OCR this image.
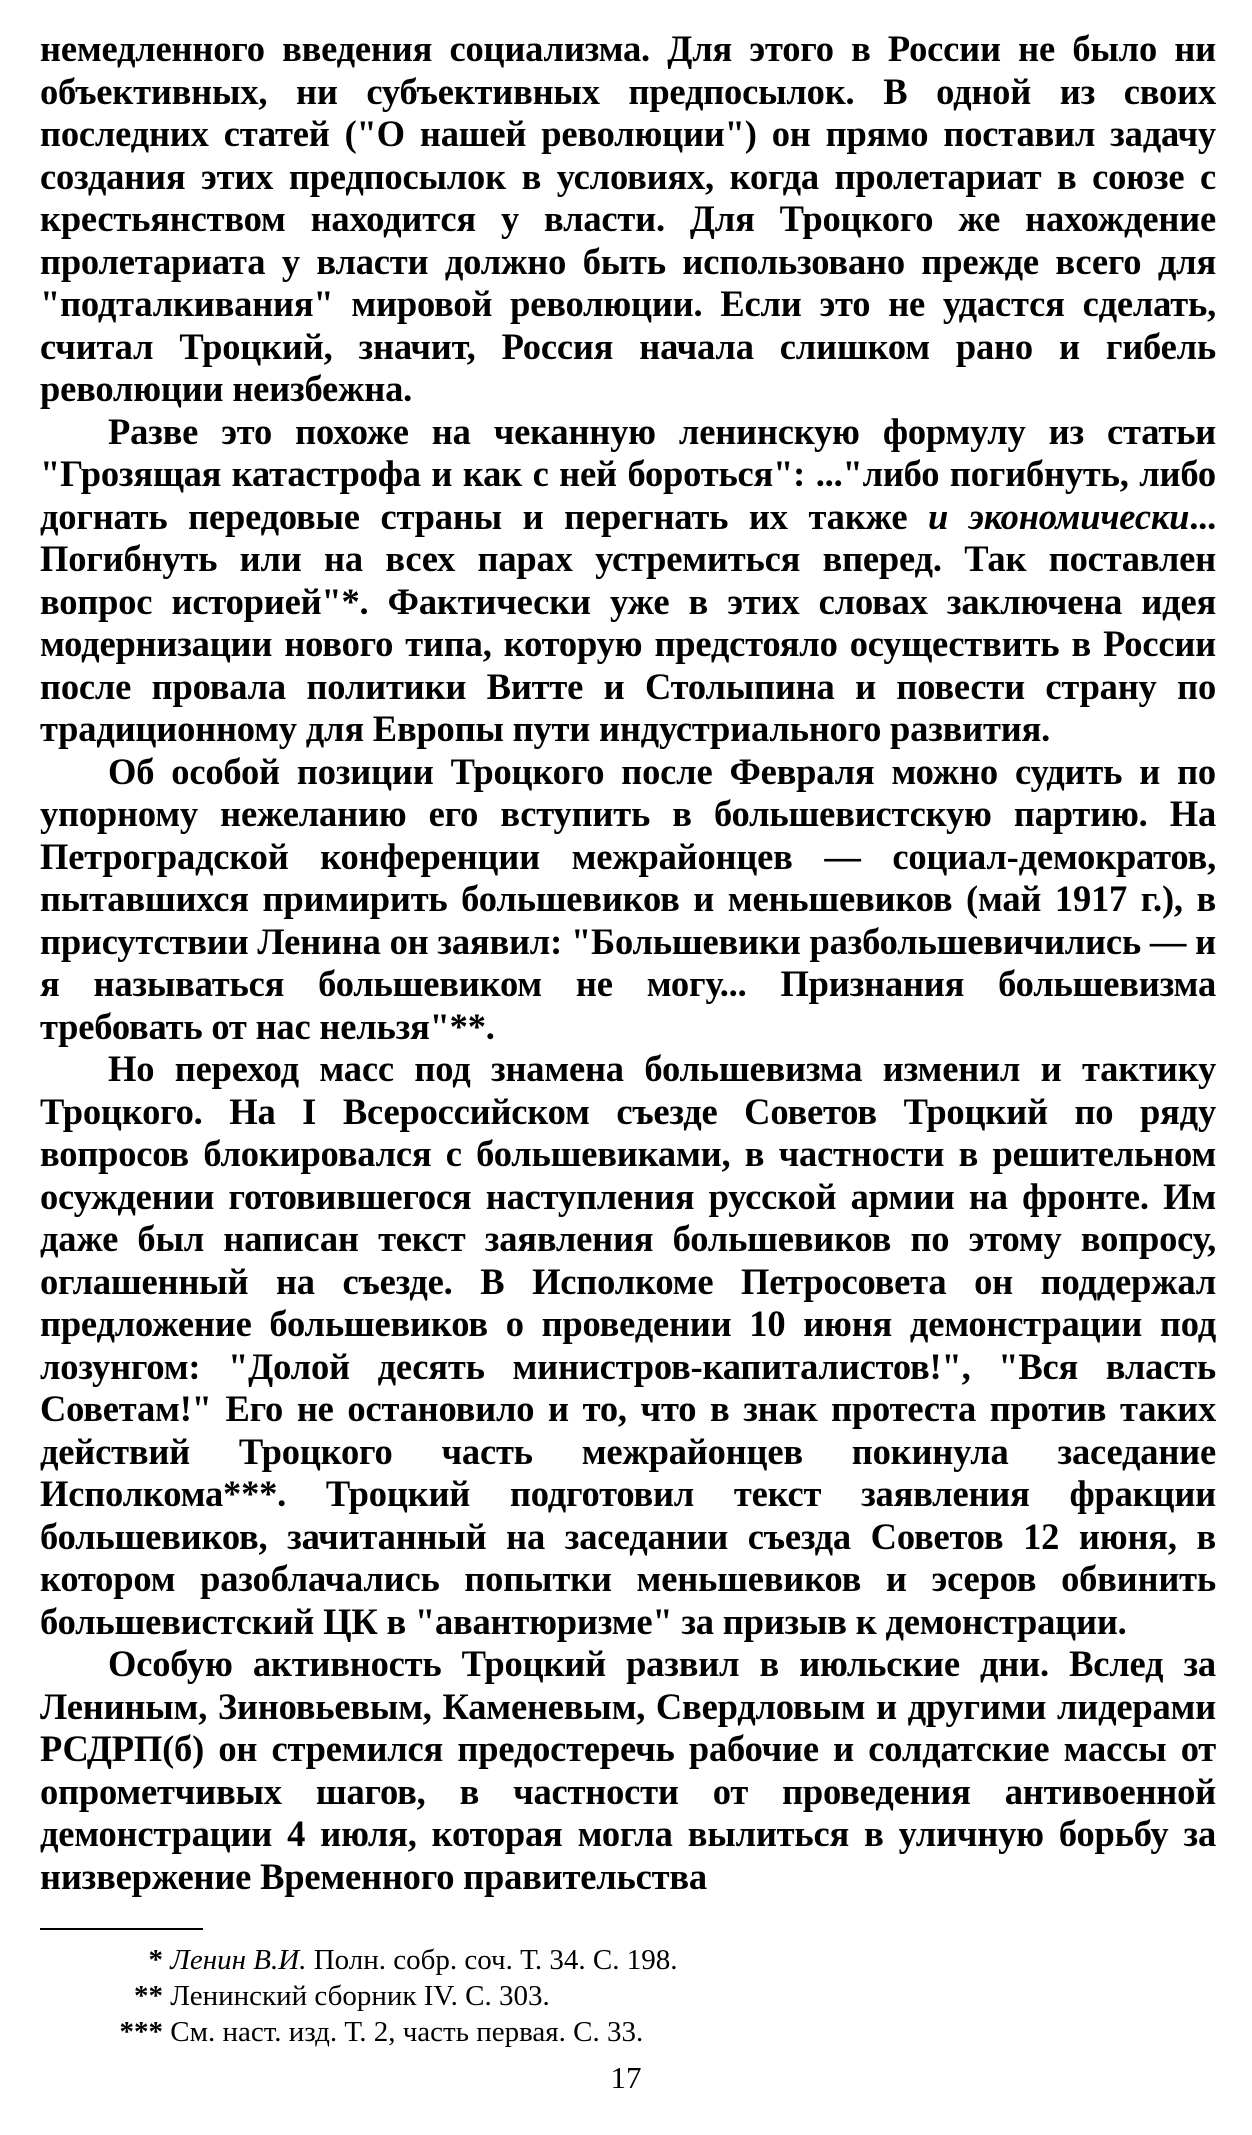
немедленного введения социализма. Для этого в России не было ни объективных, ни субъективных предпосылок. В одной из своих последних статей ("О нашей революции") он прямо поставил задачу создания этих предпосылок в условиях, когда пролетариат в союзе с крестьянством находится у власти. Для Троцкого же нахождение пролетариата у власти должно быть использовано прежде всего для "подталкивания" мировой революции. Если это не удастся сделать, считал Троцкий, значит, Россия начала слишком рано и гибель революции неизбежна.

Разве это похоже на чеканную ленинскую формулу из статьи "Грозящая катастрофа и как с ней бороться": ..."либо погибнуть, либо догнать передовые страны и перегнать их также и экономически... Погибнуть или на всех парах устремиться вперед. Так поставлен вопрос историей"*. Фактически уже в этих словах заключена идея модернизации нового типа, которую предстояло осуществить в России после провала политики Витте и Столыпина и повести страну по традиционному для Европы пути индустриального развития.

Об особой позиции Троцкого после Февраля можно судить и по упорному нежеланию его вступить в большевистскую партию. На Петроградской конференции межрайонцев — социал-демократов, пытавшихся примирить большевиков и меньшевиков (май 1917 г.), в присутствии Ленина он заявил: "Большевики разбольшевичились — и я называться большевиком не могу... Признания большевизма требовать от нас нельзя"**.

Но переход масс под знамена большевизма изменил и тактику Троцкого. На I Всероссийском съезде Советов Троцкий по ряду вопросов блокировался с большевиками, в частности в решительном осуждении готовившегося наступления русской армии на фронте. Им даже был написан текст заявления большевиков по этому вопросу, оглашенный на съезде. В Исполкоме Петросовета он поддержал предложение большевиков о проведении 10 июня демонстрации под лозунгом: "Долой десять министров-капиталистов!", "Вся власть Советам!" Его не остановило и то, что в знак протеста против таких действий Троцкого часть межрайонцев покинула заседание Исполкома***. Троцкий подготовил текст заявления фракции большевиков, зачитанный на заседании съезда Советов 12 июня, в котором разоблачались попытки меньшевиков и эсеров обвинить большевистский ЦК в "авантюризме" за призыв к демонстрации.

Особую активность Троцкий развил в июльские дни. Вслед за Лениным, Зиновьевым, Каменевым, Свердловым и другими лидерами РСДРП(б) он стремился предостеречь рабочие и солдатские массы от опрометчивых шагов, в частности от проведения антивоенной демонстрации 4 июля, которая могла вылиться в уличную борьбу за низвержение Временного правительства

* Ленин В.И. Полн. собр. соч. Т. 34. С. 198.

** Ленинский сборник IV. С. 303.

*** См. наст. изд. Т. 2, часть первая. С. 33.

17
